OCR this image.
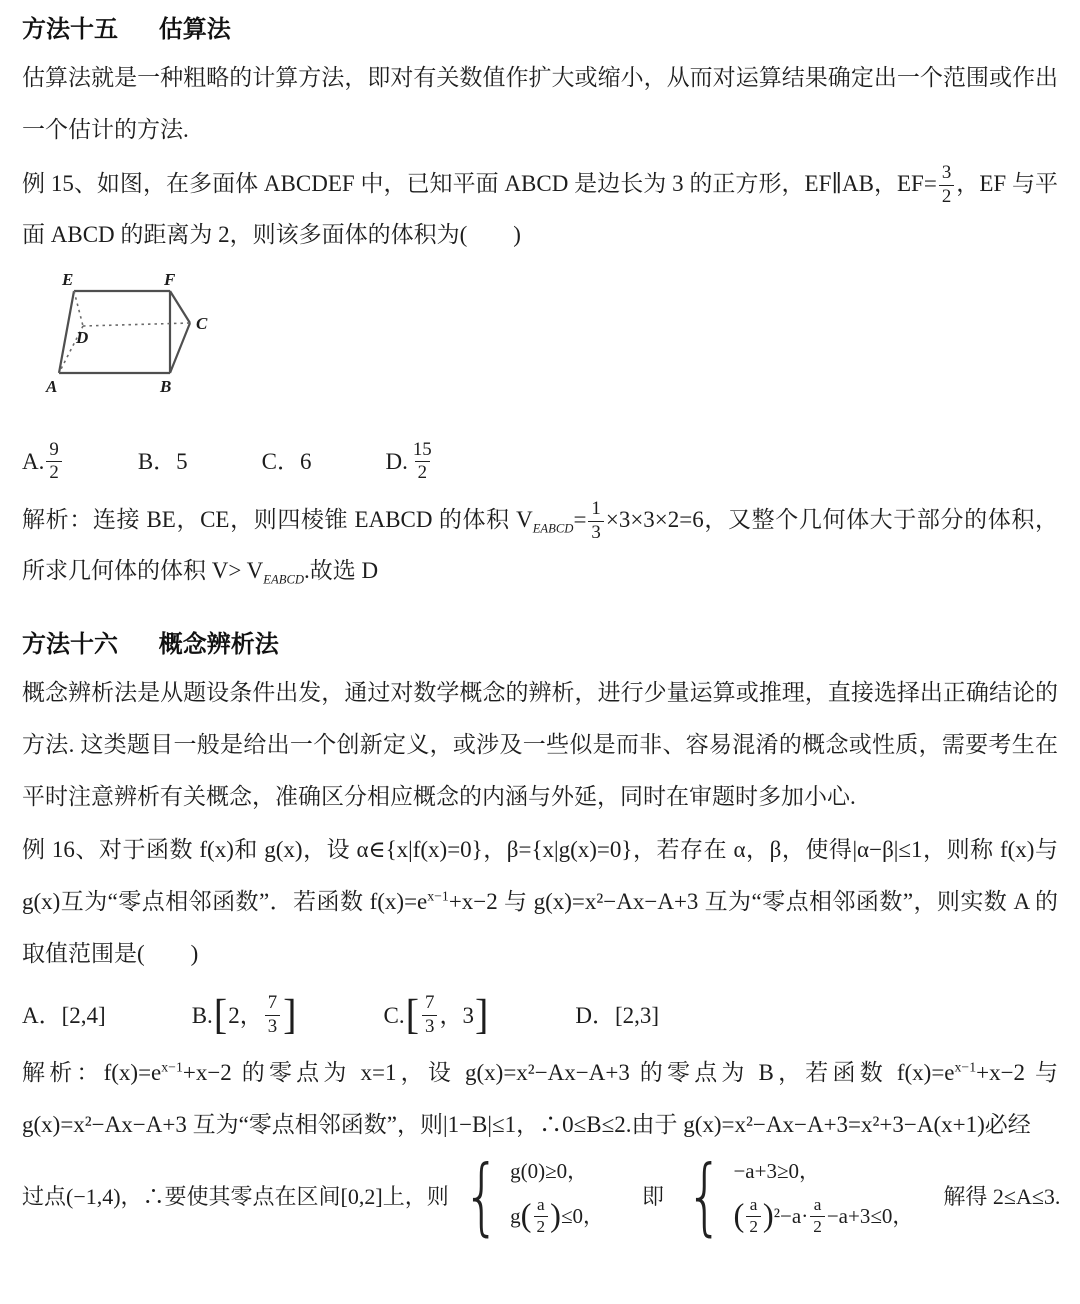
方法十五 估算法

估算法就是一种粗略的计算方法，即对有关数值作扩大或缩小，从而对运算结果确定出一个范围或作出一个估计的方法.

例 15、如图，在多面体 ABCDEF 中，已知平面 ABCD 是边长为 3 的正方形，EF∥AB，$EF= \frac{3}{2}$ ，EF 与平面 ABCD 的距离为 2，则该多面体的体积为(　　)

E	F
C
D
A	B
A. $\frac{9}{2}$	B．5	C．6	D. $\frac{15}{2}$

解析：连接 BE，CE，则四棱锥 EABCD 的体积 $V_{EABCD}= \frac{1}{3} \times 3\times 3\times 2=6$，又整个几何体大于部分的体积，所求几何体的体积 $V> V_{EABCD}$.故选 D

方法十六 概念辨析法

概念辨析法是从题设条件出发，通过对数学概念的辨析，进行少量运算或推理，直接选择出正确结论的方法. 这类题目一般是给出一个创新定义，或涉及一些似是而非、容易混淆的概念或性质，需要考生在平时注意辨析有关概念，准确区分相应概念的内涵与外延，同时在审题时多加小心.

例 16、对于函数 f(x)和 g(x)，设 α∈{x|f(x)=0}，β={x|g(x)=0}，若存在 α，β，使得|α−β|≤1，则称 f(x)与 g(x)互为“零点相邻函数”．若函数 $f(x)=e^{x-1}+x-2$ 与 g(x)=x²−Ax−A+3 互为“零点相邻函数”，则实数 A 的取值范围是(　　)

A．[2,4]	B. [ 2， $\frac{7}{3}$ ]	C. [ $\frac{7}{3}$ ，3 ]	D．[2,3]

解析：$f(x)=e^{x-1}+x-2$ 的零点为 x=1，设 g(x)=x²−Ax−A+3 的零点为 B，若函数 $f(x)=e^{x-1}+x-2$ 与 g(x)=x²−Ax−A+3 互为“零点相邻函数”，则|1−B|≤1，∴0≤B≤2.由于 g(x)=x²−Ax−A+3=x²+3−A(x+1)必经

过点(−1,4)，∴要使其零点在区间[0,2]上，则 { g(0)≥0，
g ( $\frac{a}{2}$ ) ≤0，
即 { −a+3≥0，
( $\frac{a}{2}$ ) $^2-a\cdot \frac{a}{2} -a+3\le 0$，
解得 2≤A≤3.
